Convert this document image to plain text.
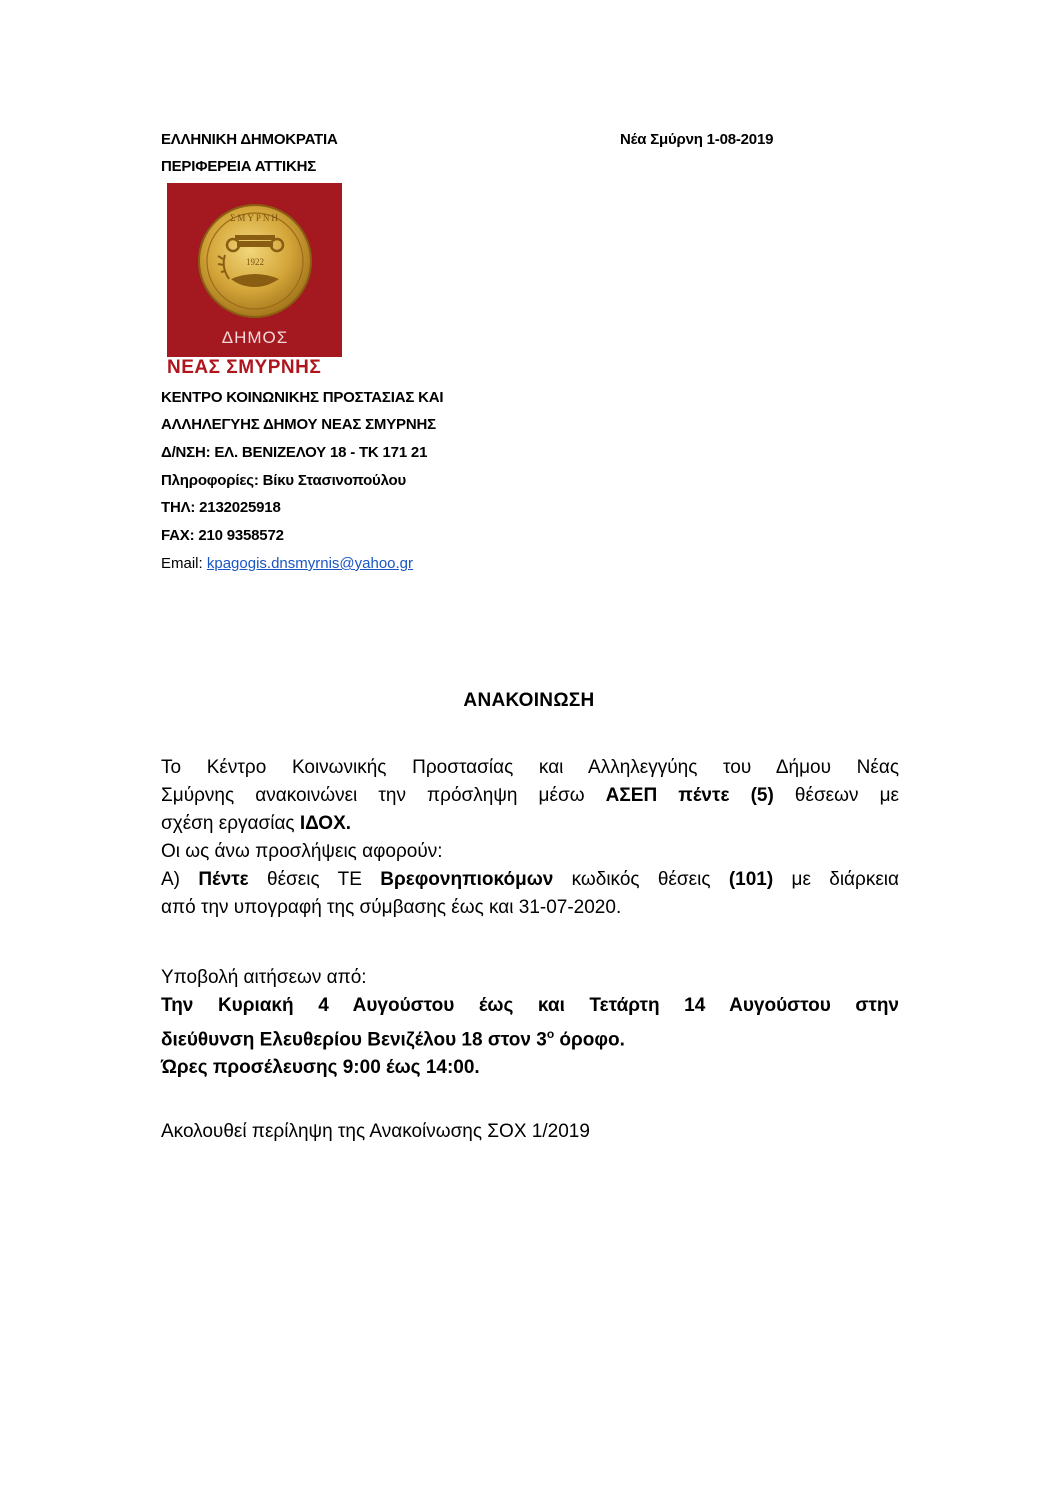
ΕΛΛΗΝΙΚΗ ΔΗΜΟΚΡΑΤΙΑ
ΠΕΡΙΦΕΡΕΙΑ ΑΤΤΙΚΗΣ
Νέα Σμύρνη 1-08-2019
1922
ΣΜΥΡΝΗ
ΔΗΜΟΣ
ΝΕΑΣ ΣΜΥΡΝΗΣ
ΚΕΝΤΡΟ ΚΟΙΝΩΝΙΚΗΣ ΠΡΟΣΤΑΣΙΑΣ ΚΑΙ
ΑΛΛΗΛΕΓΥΗΣ ΔΗΜΟΥ ΝΕΑΣ ΣΜΥΡΝΗΣ
Δ/ΝΣΗ: ΕΛ. ΒΕΝΙΖΕΛΟΥ 18 - ΤΚ 171 21
Πληροφορίες: Βίκυ Στασινοπούλου
ΤΗΛ: 2132025918
FAX: 210 9358572
Email: kpagogis.dnsmyrnis@yahoo.gr
ΑΝΑΚΟΙΝΩΣΗ
Το Κέντρο Κοινωνικής Προστασίας και Αλληλεγγύης του Δήμου Νέας
Σμύρνης ανακοινώνει την πρόσληψη μέσω ΑΣΕΠ πέντε (5) θέσεων με
σχέση εργασίας ΙΔΟΧ.
Οι ως άνω προσλήψεις αφορούν:
Α) Πέντε θέσεις ΤΕ Βρεφονηπιοκόμων κωδικός θέσεις (101) με διάρκεια
από την υπογραφή της σύμβασης έως και 31-07-2020.
Υποβολή αιτήσεων από:
Την Κυριακή 4 Αυγούστου έως και Τετάρτη 14 Αυγούστου στην
διεύθυνση Ελευθερίου Βενιζέλου 18 στον $3^o$ όροφο.
Ώρες προσέλευσης 9:00 έως 14:00.
Ακολουθεί περίληψη της Ανακοίνωσης ΣΟΧ 1/2019
